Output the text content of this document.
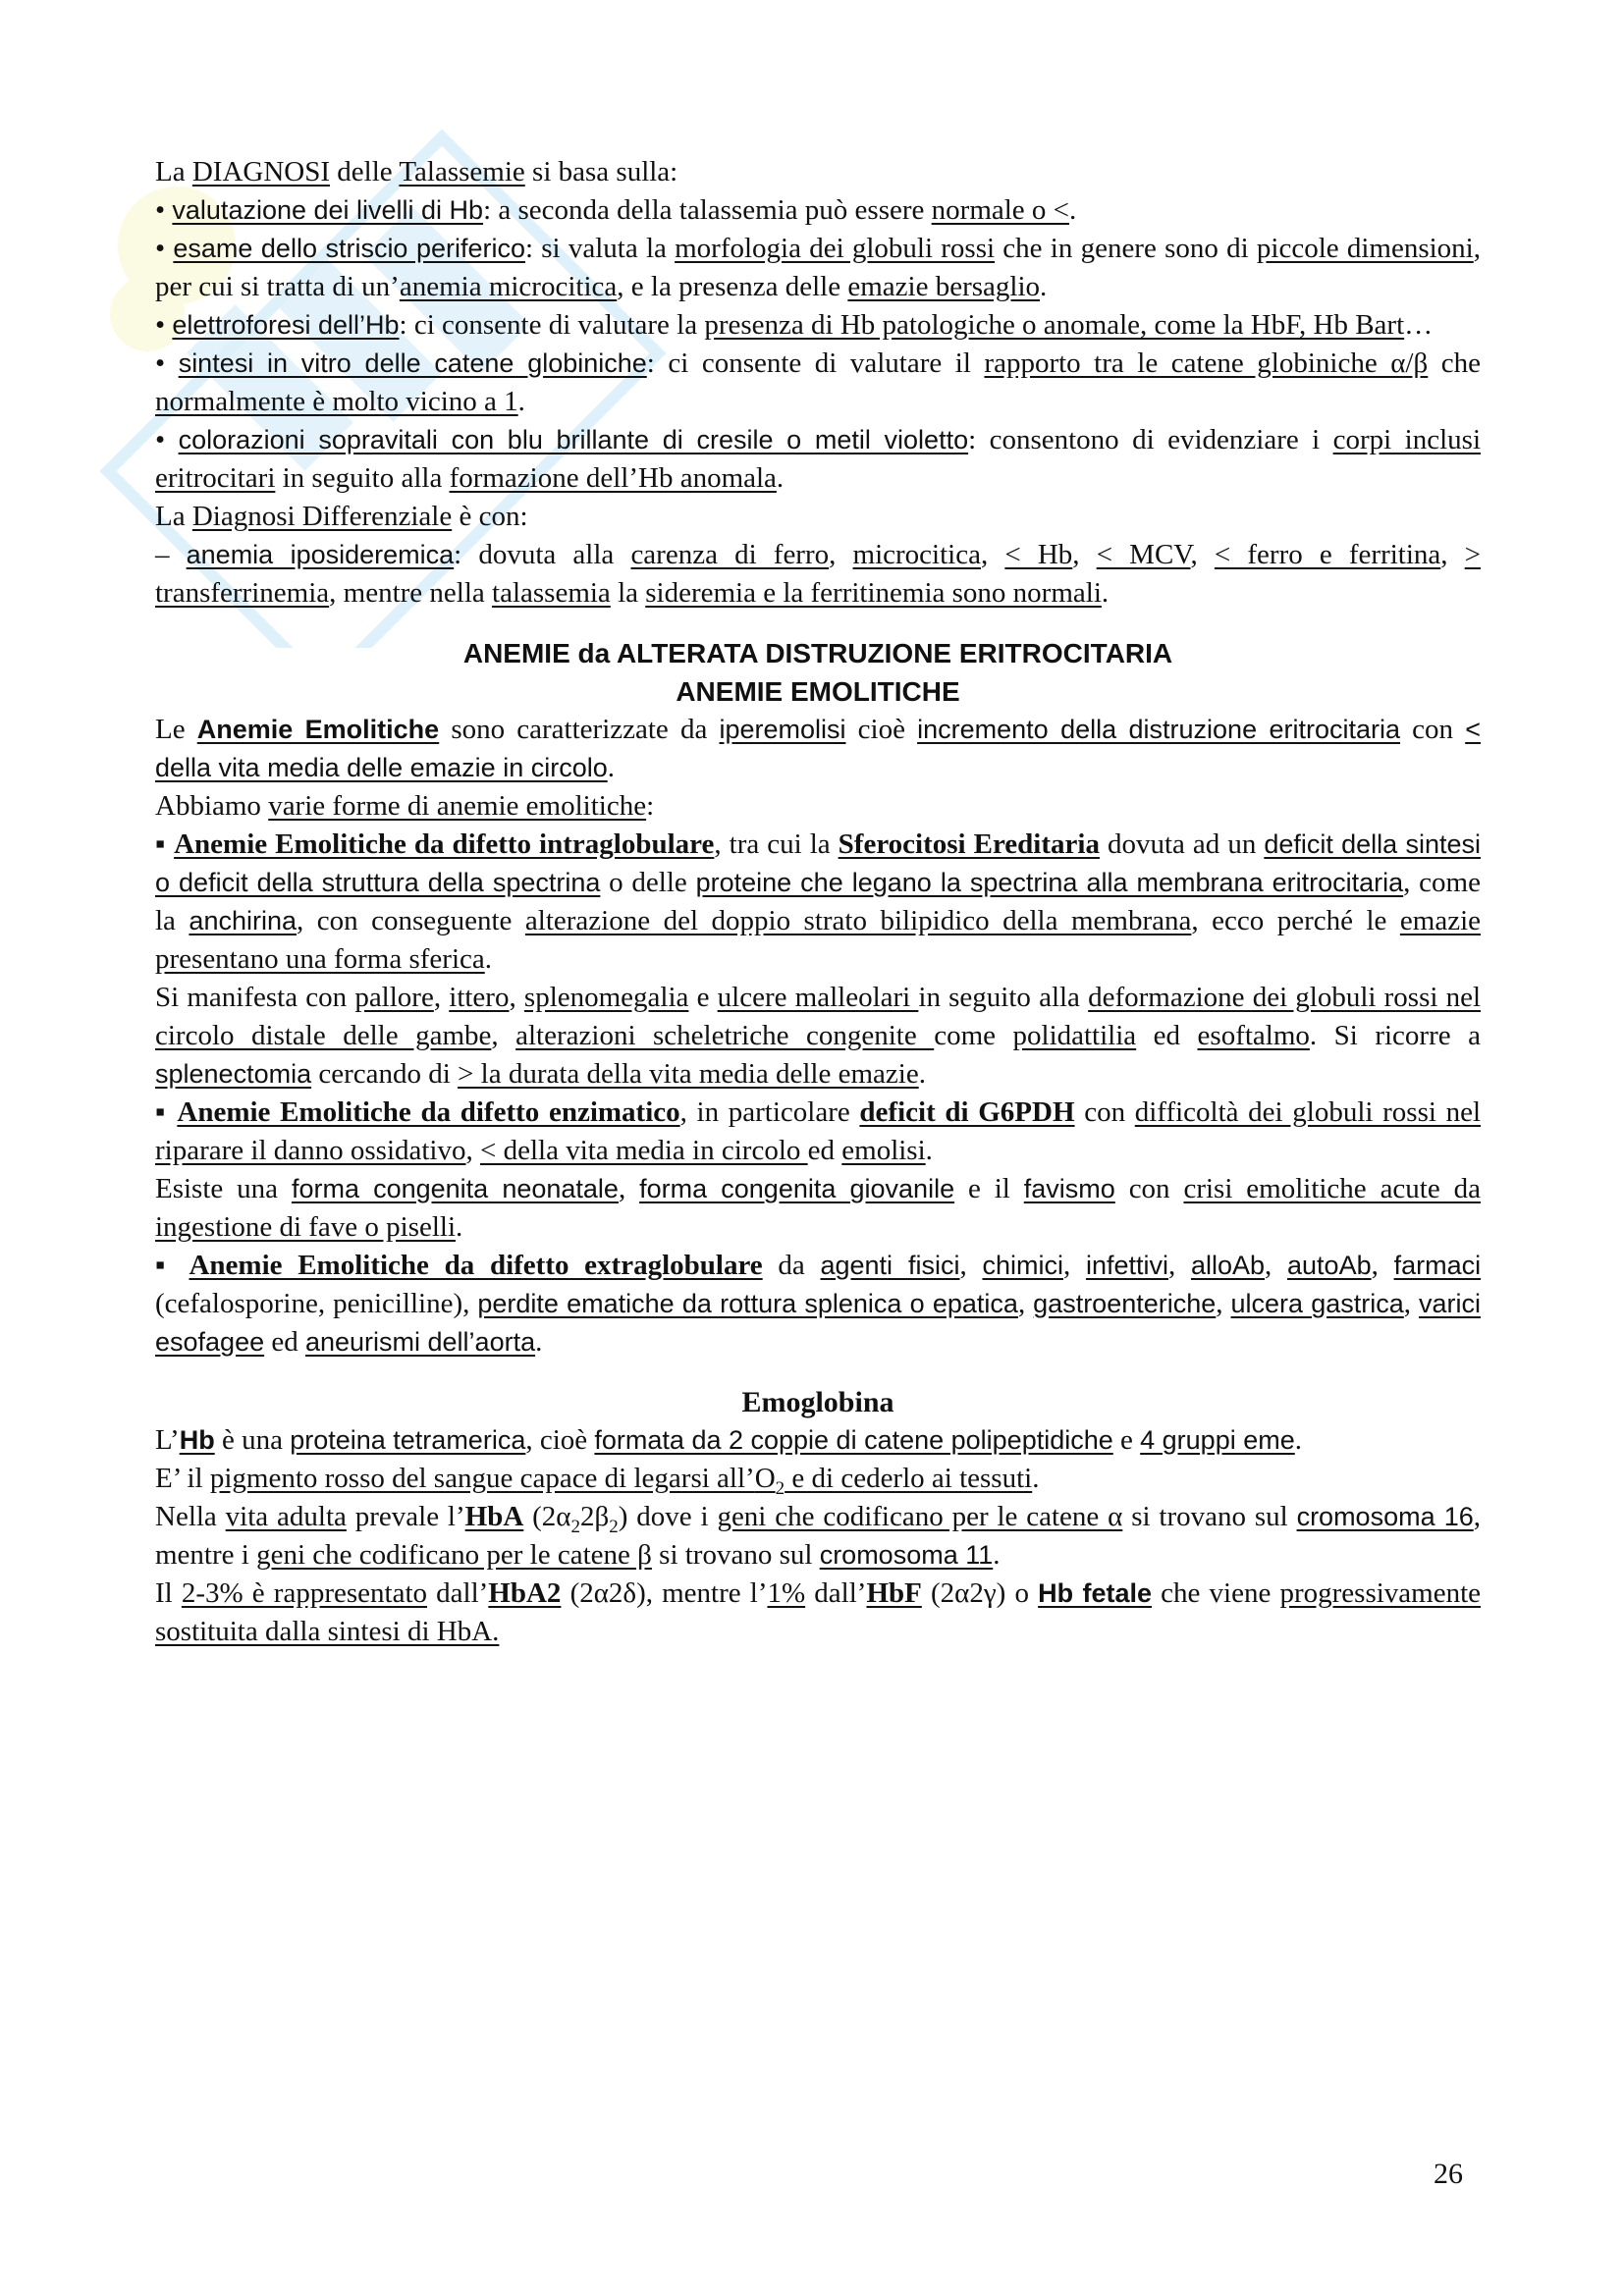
La DIAGNOSI delle Talassemie si basa sulla:

• valutazione dei livelli di Hb: a seconda della talassemia può essere normale o <.

• esame dello striscio periferico: si valuta la morfologia dei globuli rossi che in genere sono di piccole dimensioni, per cui si tratta di un’anemia microcitica, e la presenza delle emazie bersaglio.

• elettroforesi dell’Hb: ci consente di valutare la presenza di Hb patologiche o anomale, come la HbF, Hb Bart…

• sintesi in vitro delle catene globiniche: ci consente di valutare il rapporto tra le catene globiniche α/β che normalmente è molto vicino a 1.

• colorazioni sopravitali con blu brillante di cresile o metil violetto: consentono di evidenziare i corpi inclusi eritrocitari in seguito alla formazione dell’Hb anomala.

La Diagnosi Differenziale è con:

– anemia iposideremica: dovuta alla carenza di ferro, microcitica, < Hb, < MCV, < ferro e ferritina, > transferrinemia, mentre nella talassemia la sideremia e la ferritinemia sono normali.

ANEMIE da ALTERATA DISTRUZIONE ERITROCITARIA

ANEMIE EMOLITICHE

Le Anemie Emolitiche sono caratterizzate da iperemolisi cioè incremento della distruzione eritrocitaria con < della vita media delle emazie in circolo.

Abbiamo varie forme di anemie emolitiche:

▪ Anemie Emolitiche da difetto intraglobulare, tra cui la Sferocitosi Ereditaria dovuta ad un deficit della sintesi o deficit della struttura della spectrina o delle proteine che legano la spectrina alla membrana eritrocitaria, come la anchirina, con conseguente alterazione del doppio strato bilipidico della membrana, ecco perché le emazie presentano una forma sferica.

Si manifesta con pallore, ittero, splenomegalia e ulcere malleolari in seguito alla deformazione dei globuli rossi nel circolo distale delle gambe, alterazioni scheletriche congenite come polidattilia ed esoftalmo. Si ricorre a splenectomia cercando di > la durata della vita media delle emazie.

▪ Anemie Emolitiche da difetto enzimatico, in particolare deficit di G6PDH con difficoltà dei globuli rossi nel riparare il danno ossidativo, < della vita media in circolo ed emolisi.

Esiste una forma congenita neonatale, forma congenita giovanile e il favismo con crisi emolitiche acute da ingestione di fave o piselli.

▪ Anemie Emolitiche da difetto extraglobulare da agenti fisici, chimici, infettivi, alloAb, autoAb, farmaci (cefalosporine, penicilline), perdite ematiche da rottura splenica o epatica, gastroenteriche, ulcera gastrica, varici esofagee ed aneurismi dell’aorta.

Emoglobina

L’Hb è una proteina tetramerica, cioè formata da 2 coppie di catene polipeptidiche e 4 gruppi eme.

E’ il pigmento rosso del sangue capace di legarsi $all’O_2$ e di cederlo ai tessuti.

Nella vita adulta prevale l’HbA $(2\alpha_22\beta_2)$ dove i geni che codificano per le catene α si trovano sul cromosoma 16, mentre i geni che codificano per le catene β si trovano sul cromosoma 11.

Il 2-3% è rappresentato dall’HbA2 (2α2δ), mentre l’1% dall’HbF (2α2γ) o Hb fetale che viene progressivamente sostituita dalla sintesi di HbA.

26
